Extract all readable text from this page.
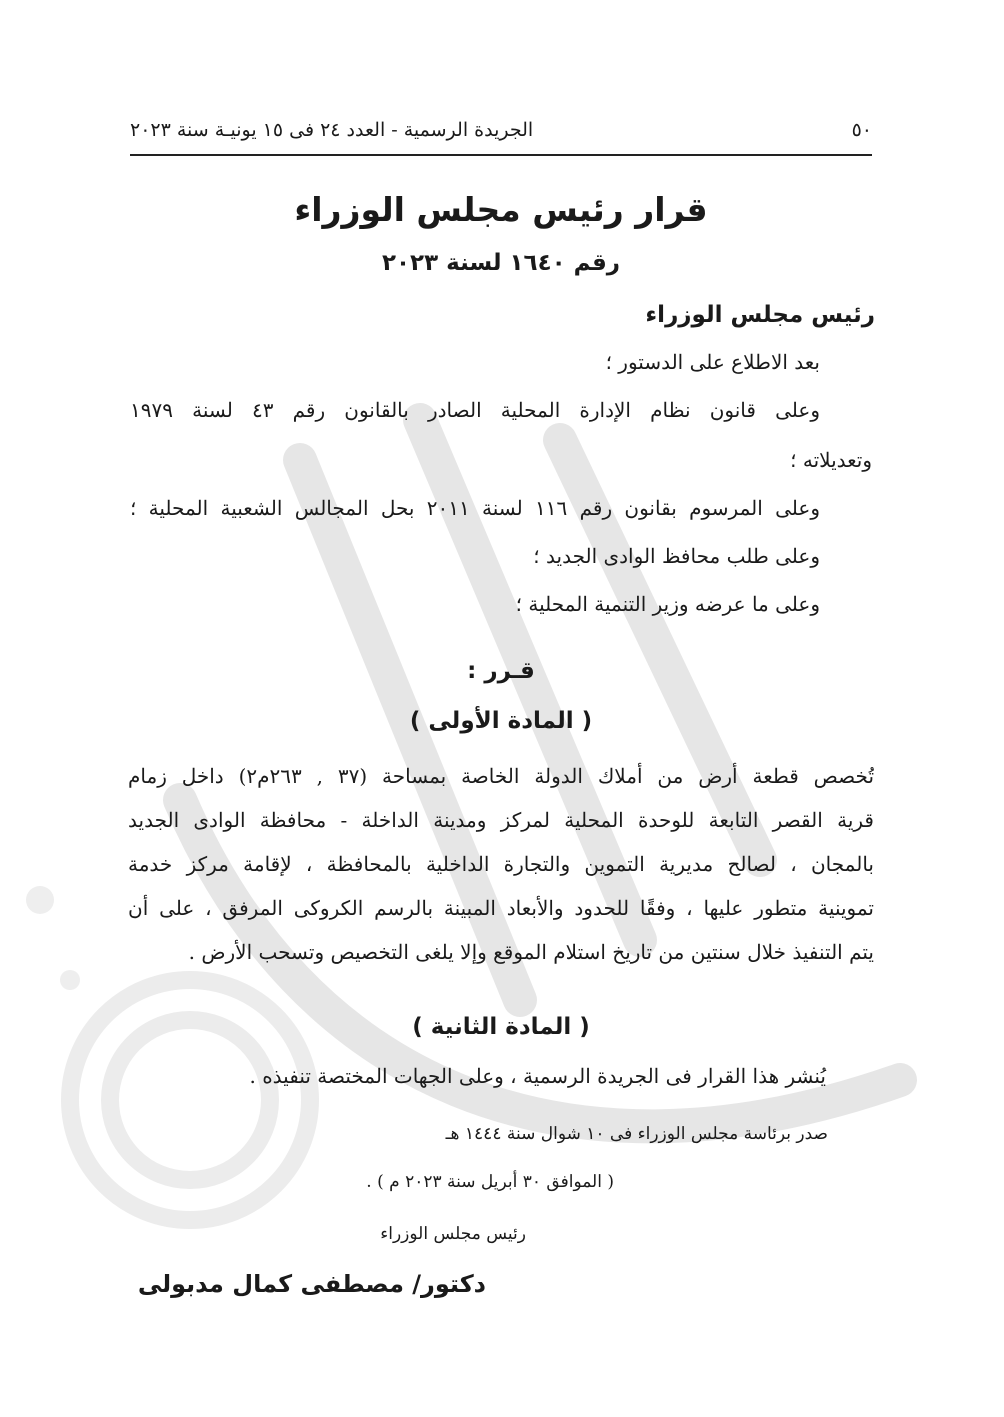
٥٠
الجريدة الرسمية - العدد ٢٤ فى ١٥ يونيـة سنة ٢٠٢٣
قرار رئيس مجلس الوزراء
رقم ١٦٤٠ لسنة ٢٠٢٣
رئيس مجلس الوزراء
بعد الاطلاع على الدستور ؛
وعلى قانون نظام الإدارة المحلية الصادر بالقانون رقم ٤٣ لسنة ١٩٧٩
وتعديلاته ؛
وعلى المرسوم بقانون رقم ١١٦ لسنة ٢٠١١ بحل المجالس الشعبية المحلية ؛
وعلى طلب محافظ الوادى الجديد ؛
وعلى ما عرضه وزير التنمية المحلية ؛
قـرر :
( المادة الأولى )
تُخصص قطعة أرض من أملاك الدولة الخاصة بمساحة (٣٧ , ٢٦٣م٢) داخل زمام
قرية القصر التابعة للوحدة المحلية لمركز ومدينة الداخلة - محافظة الوادى الجديد
بالمجان ، لصالح مديرية التموين والتجارة الداخلية بالمحافظة ، لإقامة مركز خدمة
تموينية متطور عليها ، وفقًا للحدود والأبعاد المبينة بالرسم الكروكى المرفق ، على أن
يتم التنفيذ خلال سنتين من تاريخ استلام الموقع وإلا يلغى التخصيص وتسحب الأرض .
( المادة الثانية )
يُنشر هذا القرار فى الجريدة الرسمية ، وعلى الجهات المختصة تنفيذه .
صدر برئاسة مجلس الوزراء فى ١٠ شوال سنة ١٤٤٤ هـ
( الموافق ٣٠ أبريل سنة ٢٠٢٣ م ) .
رئيس مجلس الوزراء
دكتور/ مصطفى كمال مدبولى
